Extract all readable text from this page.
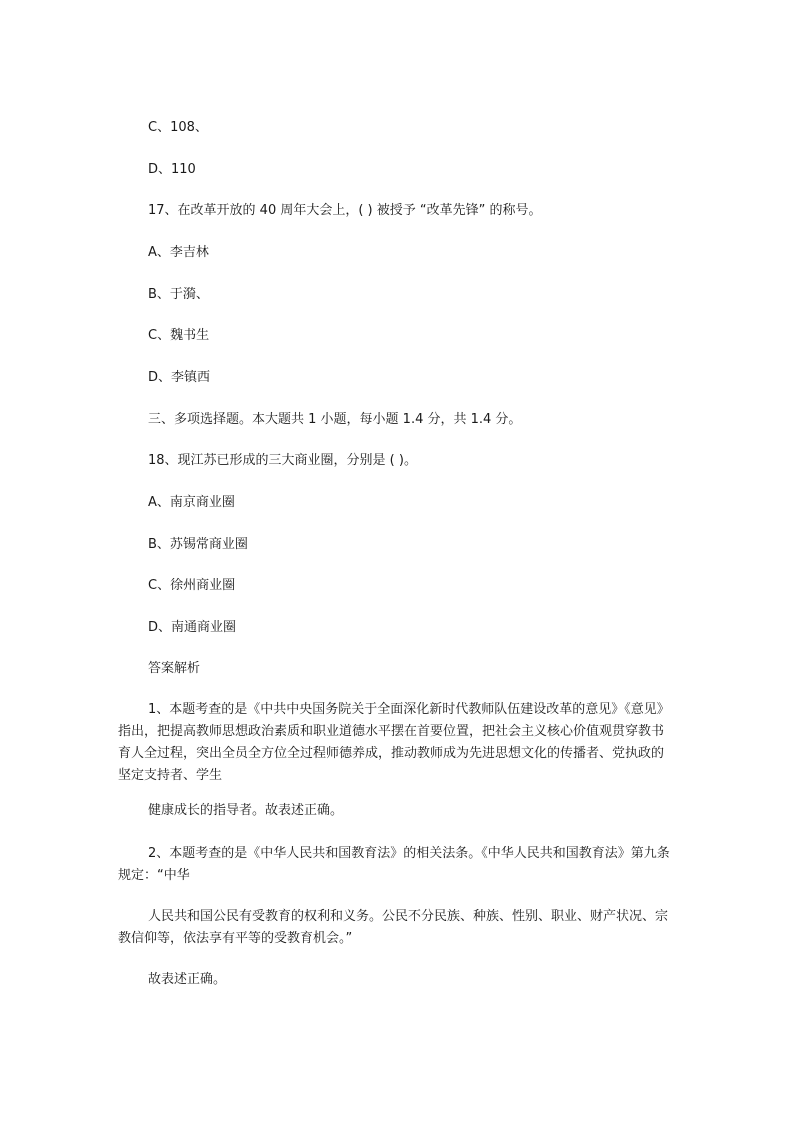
C、108、
D、110
17、在改革开放的 40 周年大会上，( ) 被授予 “改革先锋” 的称号。
A、李吉林
B、于漪、
C、魏书生
D、李镇西
三、多项选择题。本大题共 1 小题，每小题 1.4 分，共 1.4 分。
18、现江苏已形成的三大商业圈，分别是 ( )。
A、南京商业圈
B、苏锡常商业圈
C、徐州商业圈
D、南通商业圈
答案解析
1、本题考查的是《中共中央国务院关于全面深化新时代教师队伍建设改革的意见》《意见》指出，把提高教师思想政治素质和职业道德水平摆在首要位置，把社会主义核心价值观贯穿教书育人全过程，突出全员全方位全过程师德养成，推动教师成为先进思想文化的传播者、党执政的坚定支持者、学生
健康成长的指导者。故表述正确。
2、本题考查的是《中华人民共和国教育法》的相关法条。《中华人民共和国教育法》第九条规定：“中华
人民共和国公民有受教育的权利和义务。公民不分民族、种族、性别、职业、财产状况、宗教信仰等，依法享有平等的受教育机会。”
故表述正确。
